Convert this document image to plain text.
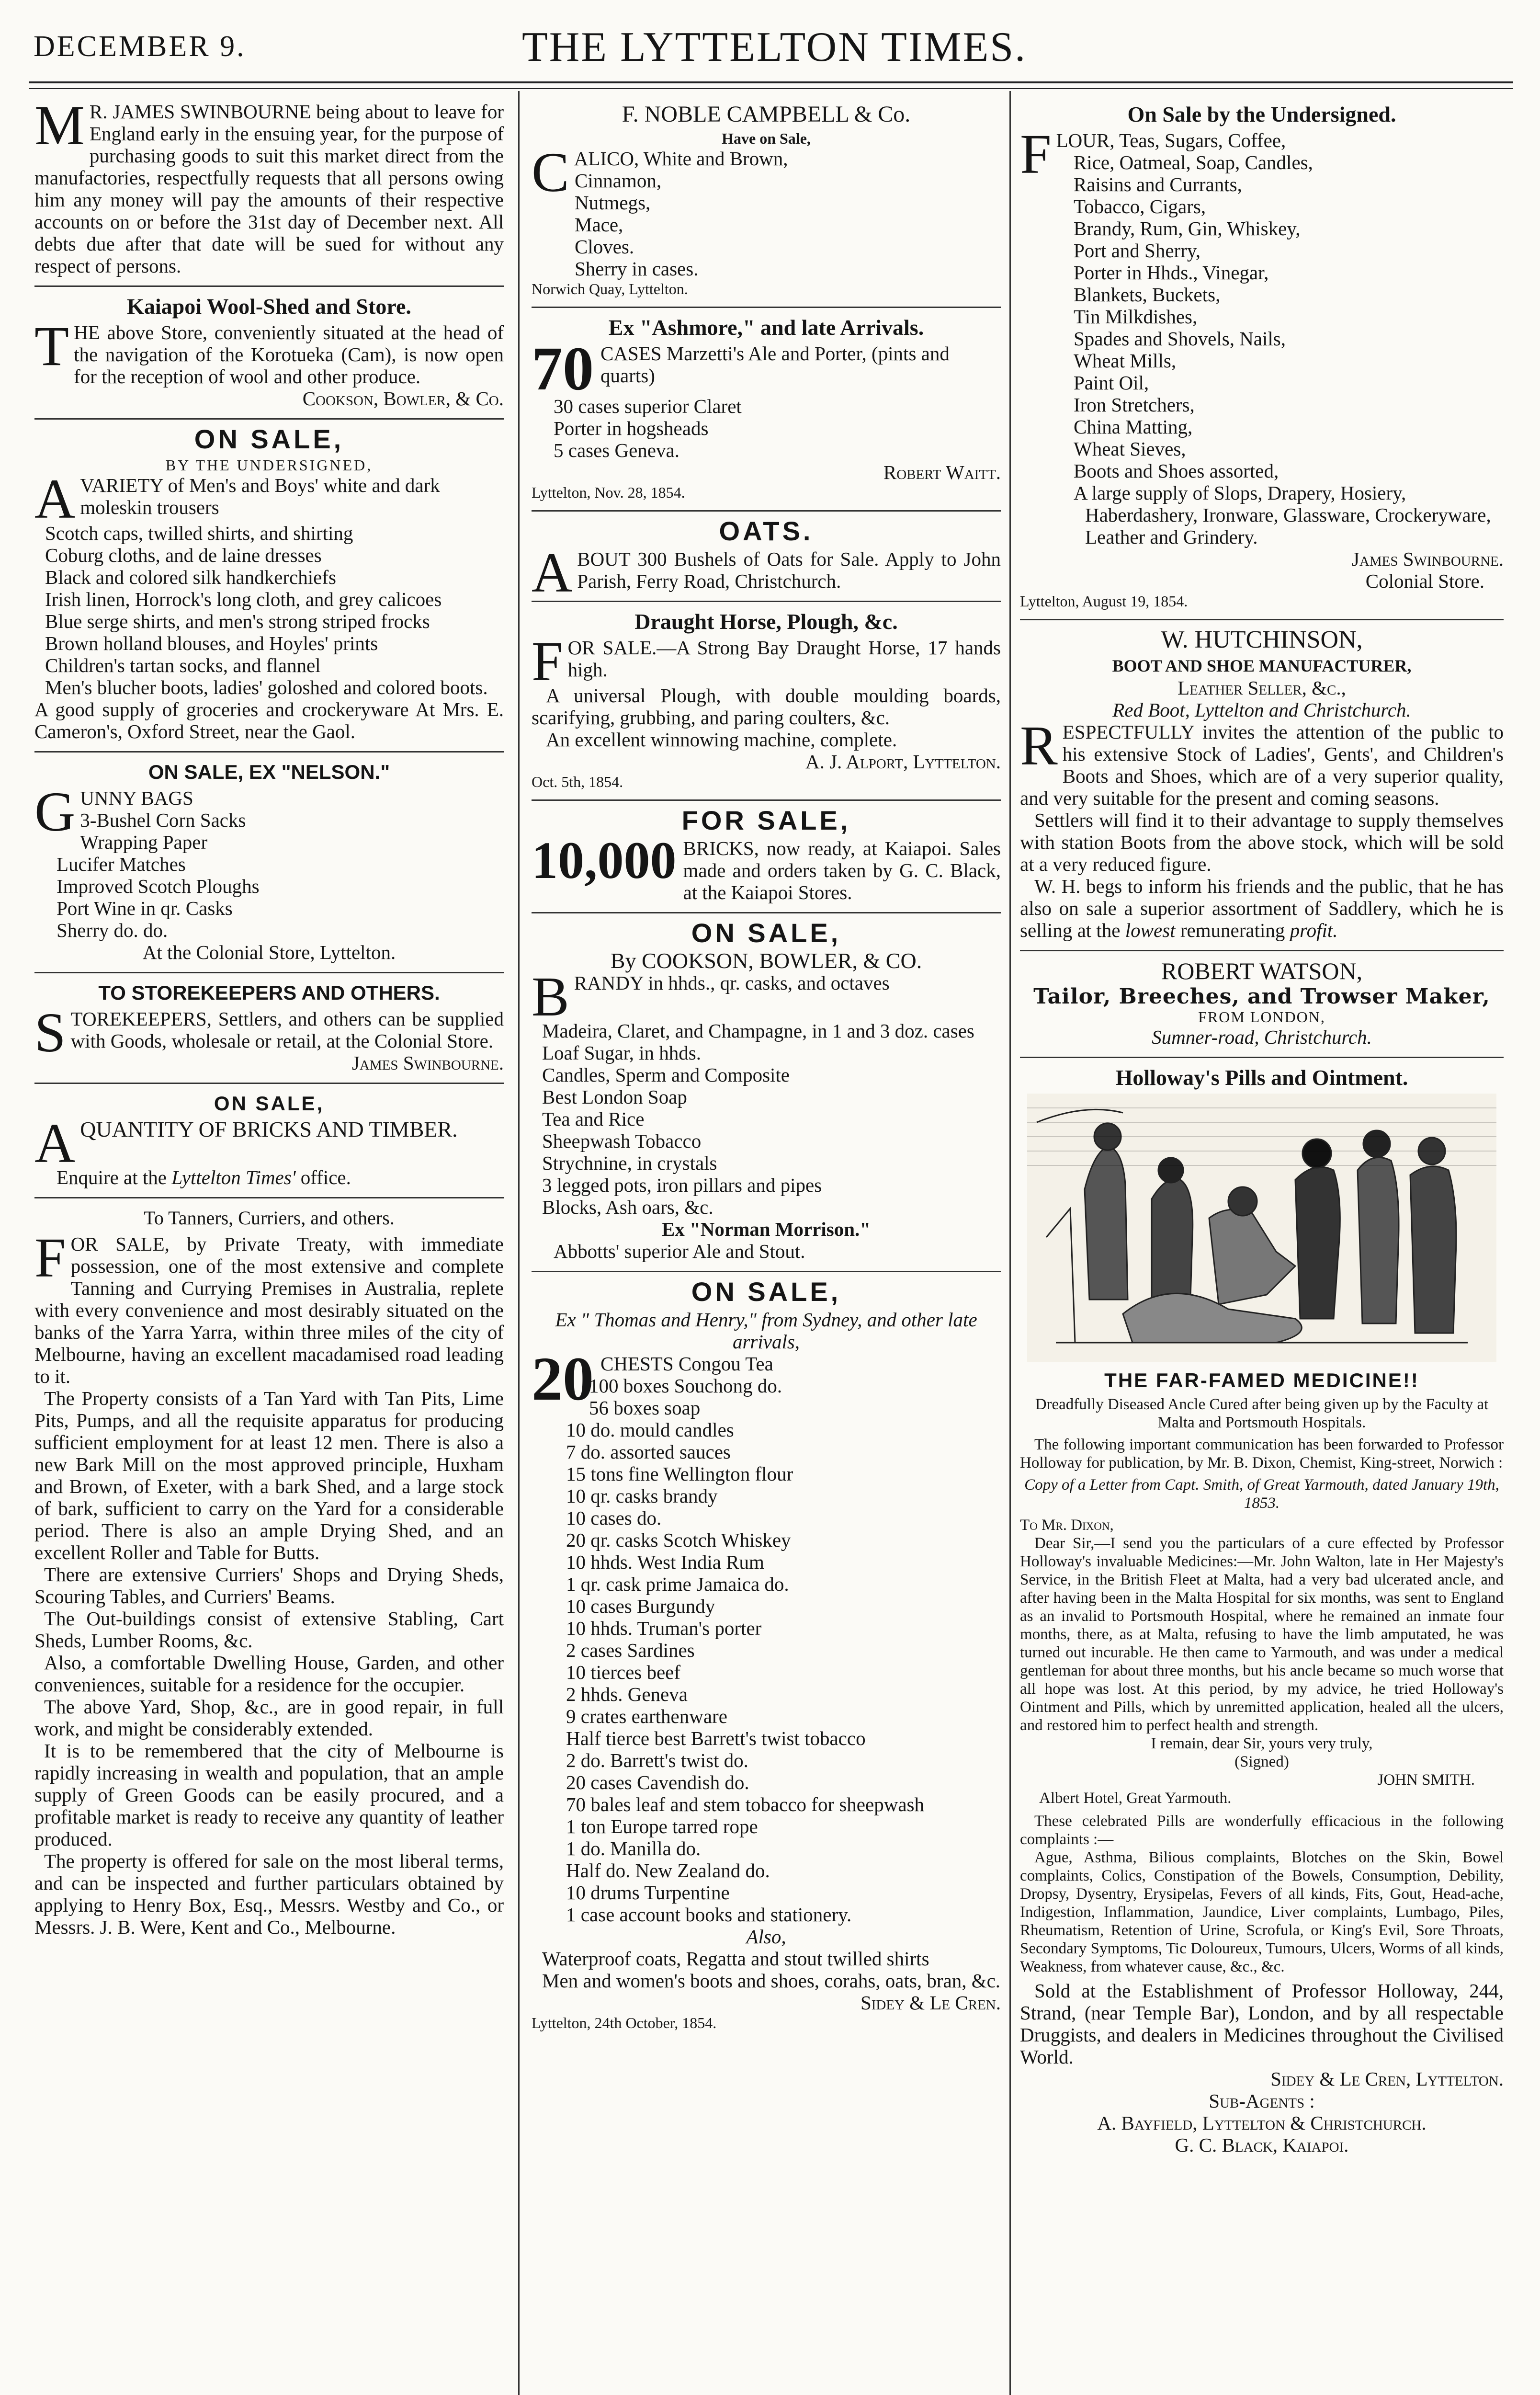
DECEMBER 9.	THE LYTTELTON TIMES.
M R. JAMES SWINBOURNE being about to leave for England early in the ensuing year, for the purpose of purchasing goods to suit this market direct from the manufactories, respectfully requests that all persons owing him any money will pay the amounts of their respective accounts on or before the 31st day of December next. All debts due after that date will be sued for without any respect of persons.
Kaiapoi Wool-Shed and Store.

THE above Store, conveniently situated at the head of the navigation of the Korotueka (Cam), is now open for the reception of wool and other produce.

Cookson, Bowler, & Co.

ON SALE,

BY THE UNDERSIGNED,

AVARIETY of Men's and Boys' white and dark moleskin trousers

Scotch caps, twilled shirts, and shirting

Coburg cloths, and de laine dresses

Black and colored silk handkerchiefs

Irish linen, Horrock's long cloth, and grey calicoes

Blue serge shirts, and men's strong striped frocks

Brown holland blouses, and Hoyles' prints

Children's tartan socks, and flannel

Men's blucher boots, ladies' goloshed and colored boots.

A good supply of groceries and crockeryware At Mrs. E. Cameron's, Oxford Street, near the Gaol.

ON SALE, EX "NELSON."

GUNNY BAGS

3-Bushel Corn Sacks

Wrapping Paper

Lucifer Matches

Improved Scotch Ploughs

Port Wine in qr. Casks

Sherry do. do.

At the Colonial Store, Lyttelton.

TO STOREKEEPERS AND OTHERS.

STOREKEEPERS, Settlers, and others can be supplied with Goods, wholesale or retail, at the Colonial Store.

James Swinbourne.

ON SALE,

AQUANTITY OF BRICKS AND TIMBER.

Enquire at the Lyttelton Times' office.

To Tanners, Curriers, and others.

FOR SALE, by Private Treaty, with immediate possession, one of the most extensive and complete Tanning and Currying Premises in Australia, replete with every convenience and most desirably situated on the banks of the Yarra Yarra, within three miles of the city of Melbourne, having an excellent macadamised road leading to it.

The Property consists of a Tan Yard with Tan Pits, Lime Pits, Pumps, and all the requisite apparatus for producing sufficient employment for at least 12 men. There is also a new Bark Mill on the most approved principle, Huxham and Brown, of Exeter, with a bark Shed, and a large stock of bark, sufficient to carry on the Yard for a considerable period. There is also an ample Drying Shed, and an excellent Roller and Table for Butts.

There are extensive Curriers' Shops and Drying Sheds, Scouring Tables, and Curriers' Beams.

The Out-buildings consist of extensive Stabling, Cart Sheds, Lumber Rooms, &c.

Also, a comfortable Dwelling House, Garden, and other conveniences, suitable for a residence for the occupier.

The above Yard, Shop, &c., are in good repair, in full work, and might be considerably extended.

It is to be remembered that the city of Melbourne is rapidly increasing in wealth and population, that an ample supply of Green Goods can be easily procured, and a profitable market is ready to receive any quantity of leather produced.

The property is offered for sale on the most liberal terms, and can be inspected and further particulars obtained by applying to Henry Box, Esq., Messrs. Westby and Co., or Messrs. J. B. Were, Kent and Co., Melbourne.

F. NOBLE CAMPBELL & Co.

Have on Sale,

CALICO, White and Brown,

Cinnamon,

Nutmegs,

Mace,

Cloves.

Sherry in cases.

Norwich Quay, Lyttelton.

Ex "Ashmore," and late Arrivals.

70 CASES Marzetti's Ale and Porter, (pints and quarts)

30 cases superior Claret

Porter in hogsheads

5 cases Geneva.

Robert Waitt.

Lyttelton, Nov. 28, 1854.

OATS.

ABOUT 300 Bushels of Oats for Sale. Apply to John Parish, Ferry Road, Christchurch.

Draught Horse, Plough, &c.

FOR SALE.—A Strong Bay Draught Horse, 17 hands high.

A universal Plough, with double moulding boards, scarifying, grubbing, and paring coulters, &c.

An excellent winnowing machine, complete.

A. J. Alport, Lyttelton.

Oct. 5th, 1854.

FOR SALE,

10,000 BRICKS, now ready, at Kaiapoi. Sales made and orders taken by G. C. Black, at the Kaiapoi Stores.

ON SALE,

By COOKSON, BOWLER, & CO.

BRANDY in hhds., qr. casks, and octaves

Madeira, Claret, and Champagne, in 1 and 3 doz. cases

Loaf Sugar, in hhds.

Candles, Sperm and Composite

Best London Soap

Tea and Rice

Sheepwash Tobacco

Strychnine, in crystals

3 legged pots, iron pillars and pipes

Blocks, Ash oars, &c.

Ex "Norman Morrison."

Abbotts' superior Ale and Stout.

ON SALE,

Ex " Thomas and Henry," from Sydney, and other late arrivals,

20 CHESTS Congou Tea

100 boxes Souchong do.

56 boxes soap

10 do. mould candles

7 do. assorted sauces

15 tons fine Wellington flour

10 qr. casks brandy

10 cases do.

20 qr. casks Scotch Whiskey

10 hhds. West India Rum

1 qr. cask prime Jamaica do.

10 cases Burgundy

10 hhds. Truman's porter

2 cases Sardines

10 tierces beef

2 hhds. Geneva

9 crates earthenware

Half tierce best Barrett's twist tobacco

2 do. Barrett's twist do.

20 cases Cavendish do.

70 bales leaf and stem tobacco for sheepwash

1 ton Europe tarred rope

1 do. Manilla do.

Half do. New Zealand do.

10 drums Turpentine

1 case account books and stationery.

Also,

Waterproof coats, Regatta and stout twilled shirts

Men and women's boots and shoes, corahs, oats, bran, &c.

Sidey & Le Cren.

Lyttelton, 24th October, 1854.

On Sale by the Undersigned.

FLOUR, Teas, Sugars, Coffee,

Rice, Oatmeal, Soap, Candles,

Raisins and Currants,

Tobacco, Cigars,

Brandy, Rum, Gin, Whiskey,

Port and Sherry,

Porter in Hhds., Vinegar,

Blankets, Buckets,

Tin Milkdishes,

Spades and Shovels, Nails,

Wheat Mills,

Paint Oil,

Iron Stretchers,

China Matting,

Wheat Sieves,

Boots and Shoes assorted,

A large supply of Slops, Drapery, Hosiery, Haberdashery, Ironware, Glassware, Crockeryware, Leather and Grindery.

James Swinbourne.

Colonial Store.

Lyttelton, August 19, 1854.

W. HUTCHINSON,

BOOT AND SHOE MANUFACTURER,

Leather Seller, &c.,

Red Boot, Lyttelton and Christchurch.

RESPECTFULLY invites the attention of the public to his extensive Stock of Ladies', Gents', and Children's Boots and Shoes, which are of a very superior quality, and very suitable for the present and coming seasons.

Settlers will find it to their advantage to supply themselves with station Boots from the above stock, which will be sold at a very reduced figure.

W. H. begs to inform his friends and the public, that he has also on sale a superior assortment of Saddlery, which he is selling at the lowest remunerating profit.

ROBERT WATSON,

Tailor, Breeches, and Trowser Maker,

FROM LONDON,

Sumner-road, Christchurch.

Holloway's Pills and Ointment.
THE FAR-FAMED MEDICINE!!

Dreadfully Diseased Ancle Cured after being given up by the Faculty at Malta and Portsmouth Hospitals.

The following important communication has been forwarded to Professor Holloway for publication, by Mr. B. Dixon, Chemist, King-street, Norwich :

Copy of a Letter from Capt. Smith, of Great Yarmouth, dated January 19th, 1853.

To Mr. Dixon,

Dear Sir,—I send you the particulars of a cure effected by Professor Holloway's invaluable Medicines:—Mr. John Walton, late in Her Majesty's Service, in the British Fleet at Malta, had a very bad ulcerated ancle, and after having been in the Malta Hospital for six months, was sent to England as an invalid to Portsmouth Hospital, where he remained an inmate four months, there, as at Malta, refusing to have the limb amputated, he was turned out incurable. He then came to Yarmouth, and was under a medical gentleman for about three months, but his ancle became so much worse that all hope was lost. At this period, by my advice, he tried Holloway's Ointment and Pills, which by unremitted application, healed all the ulcers, and restored him to perfect health and strength.

I remain, dear Sir, yours very truly,

(Signed)

JOHN SMITH.

Albert Hotel, Great Yarmouth.

These celebrated Pills are wonderfully efficacious in the following complaints :—

Ague, Asthma, Bilious complaints, Blotches on the Skin, Bowel complaints, Colics, Constipation of the Bowels, Consumption, Debility, Dropsy, Dysentry, Erysipelas, Fevers of all kinds, Fits, Gout, Head-ache, Indigestion, Inflammation, Jaundice, Liver complaints, Lumbago, Piles, Rheumatism, Retention of Urine, Scrofula, or King's Evil, Sore Throats, Secondary Symptoms, Tic Doloureux, Tumours, Ulcers, Worms of all kinds, Weakness, from whatever cause, &c., &c.

Sold at the Establishment of Professor Holloway, 244, Strand, (near Temple Bar), London, and by all respectable Druggists, and dealers in Medicines throughout the Civilised World.

Sidey & Le Cren, Lyttelton.

Sub-Agents :

A. Bayfield, Lyttelton & Christchurch.

G. C. Black, Kaiapoi.
